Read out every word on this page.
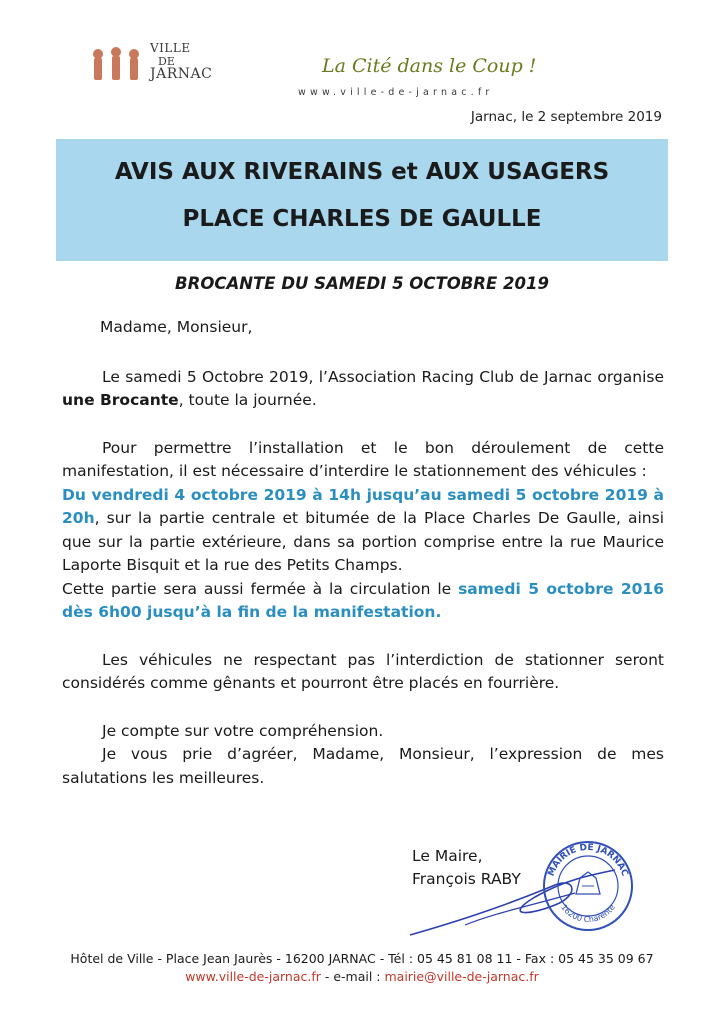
VILLE
DE
JARNAC	La Cité dans le Coup !
www.ville-de-jarnac.fr
Jarnac, le 2 septembre 2019
AVIS AUX RIVERAINS et AUX USAGERS
PLACE CHARLES DE GAULLE
BROCANTE DU SAMEDI 5 OCTOBRE 2019

Madame, Monsieur,

Le samedi 5 Octobre 2019, l’Association Racing Club de Jarnac organise une Brocante, toute la journée.

Pour permettre l’installation et le bon déroulement de cette manifestation, il est nécessaire d’interdire le stationnement des véhicules :
Du vendredi 4 octobre 2019 à 14h jusqu’au samedi 5 octobre 2019 à 20h, sur la partie centrale et bitumée de la Place Charles De Gaulle, ainsi que sur la partie extérieure, dans sa portion comprise entre la rue Maurice Laporte Bisquit et la rue des Petits Champs.
Cette partie sera aussi fermée à la circulation le samedi 5 octobre 2016 dès 6h00 jusqu’à la fin de la manifestation.

Les véhicules ne respectant pas l’interdiction de stationner seront considérés comme gênants et pourront être placés en fourrière.

Je compte sur votre compréhension.

Je vous prie d’agréer, Madame, Monsieur, l’expression de mes salutations les meilleures.

Le Maire,
François RABY	MAIRIE DE JARNAC
16200 Charente
Hôtel de Ville - Place Jean Jaurès - 16200 JARNAC - Tél : 05 45 81 08 11 - Fax : 05 45 35 09 67
www.ville-de-jarnac.fr - e-mail : mairie@ville-de-jarnac.fr
